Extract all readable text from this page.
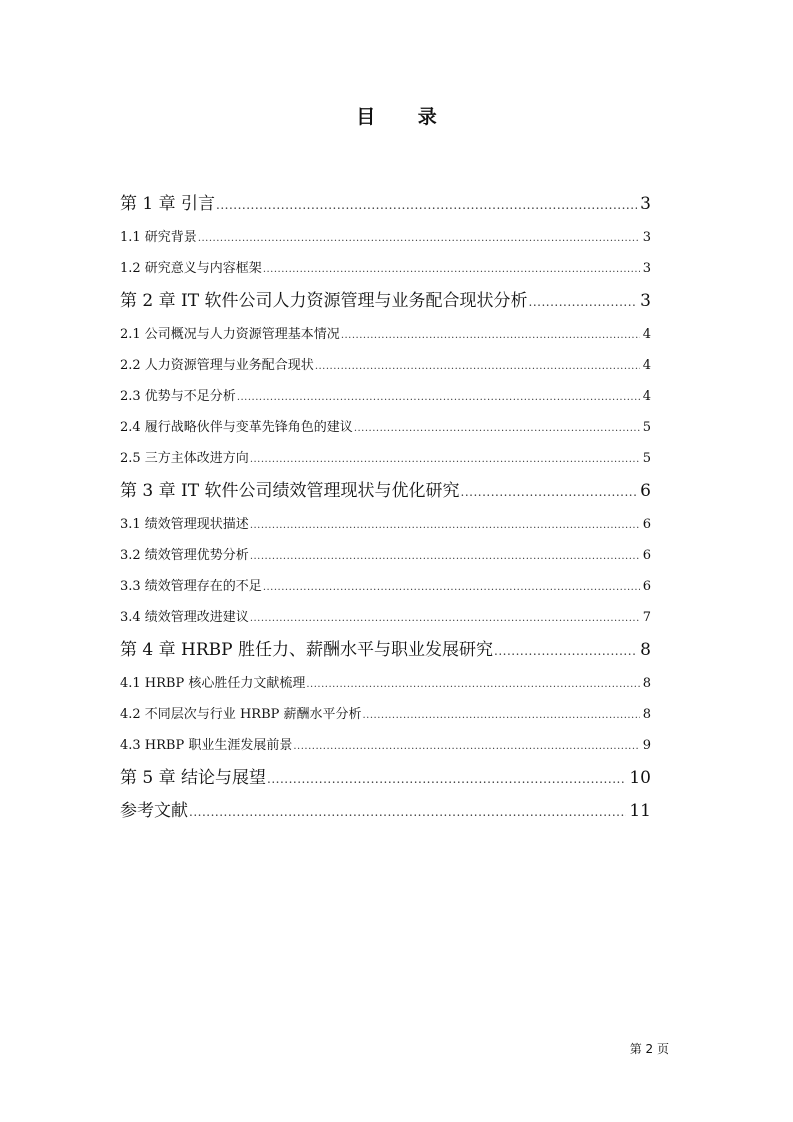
目 录
第 1 章 引言 .....	3
1.1 研究背景 .....	3
1.2 研究意义与内容框架 .....	3
第 2 章 IT 软件公司人力资源管理与业务配合现状分析 .....	3
2.1 公司概况与人力资源管理基本情况 .....	4
2.2 人力资源管理与业务配合现状 .....	4
2.3 优势与不足分析 .....	4
2.4 履行战略伙伴与变革先锋角色的建议 .....	5
2.5 三方主体改进方向 .....	5
第 3 章 IT 软件公司绩效管理现状与优化研究 .....	6
3.1 绩效管理现状描述 .....	6
3.2 绩效管理优势分析 .....	6
3.3 绩效管理存在的不足 .....	6
3.4 绩效管理改进建议 .....	7
第 4 章 HRBP 胜任力、薪酬水平与职业发展研究 .....	8
4.1 HRBP 核心胜任力文献梳理 .....	8
4.2 不同层次与行业 HRBP 薪酬水平分析 .....	8
4.3 HRBP 职业生涯发展前景 .....	9
第 5 章 结论与展望 .....	10
参考文献 .....	11
第 2 页
